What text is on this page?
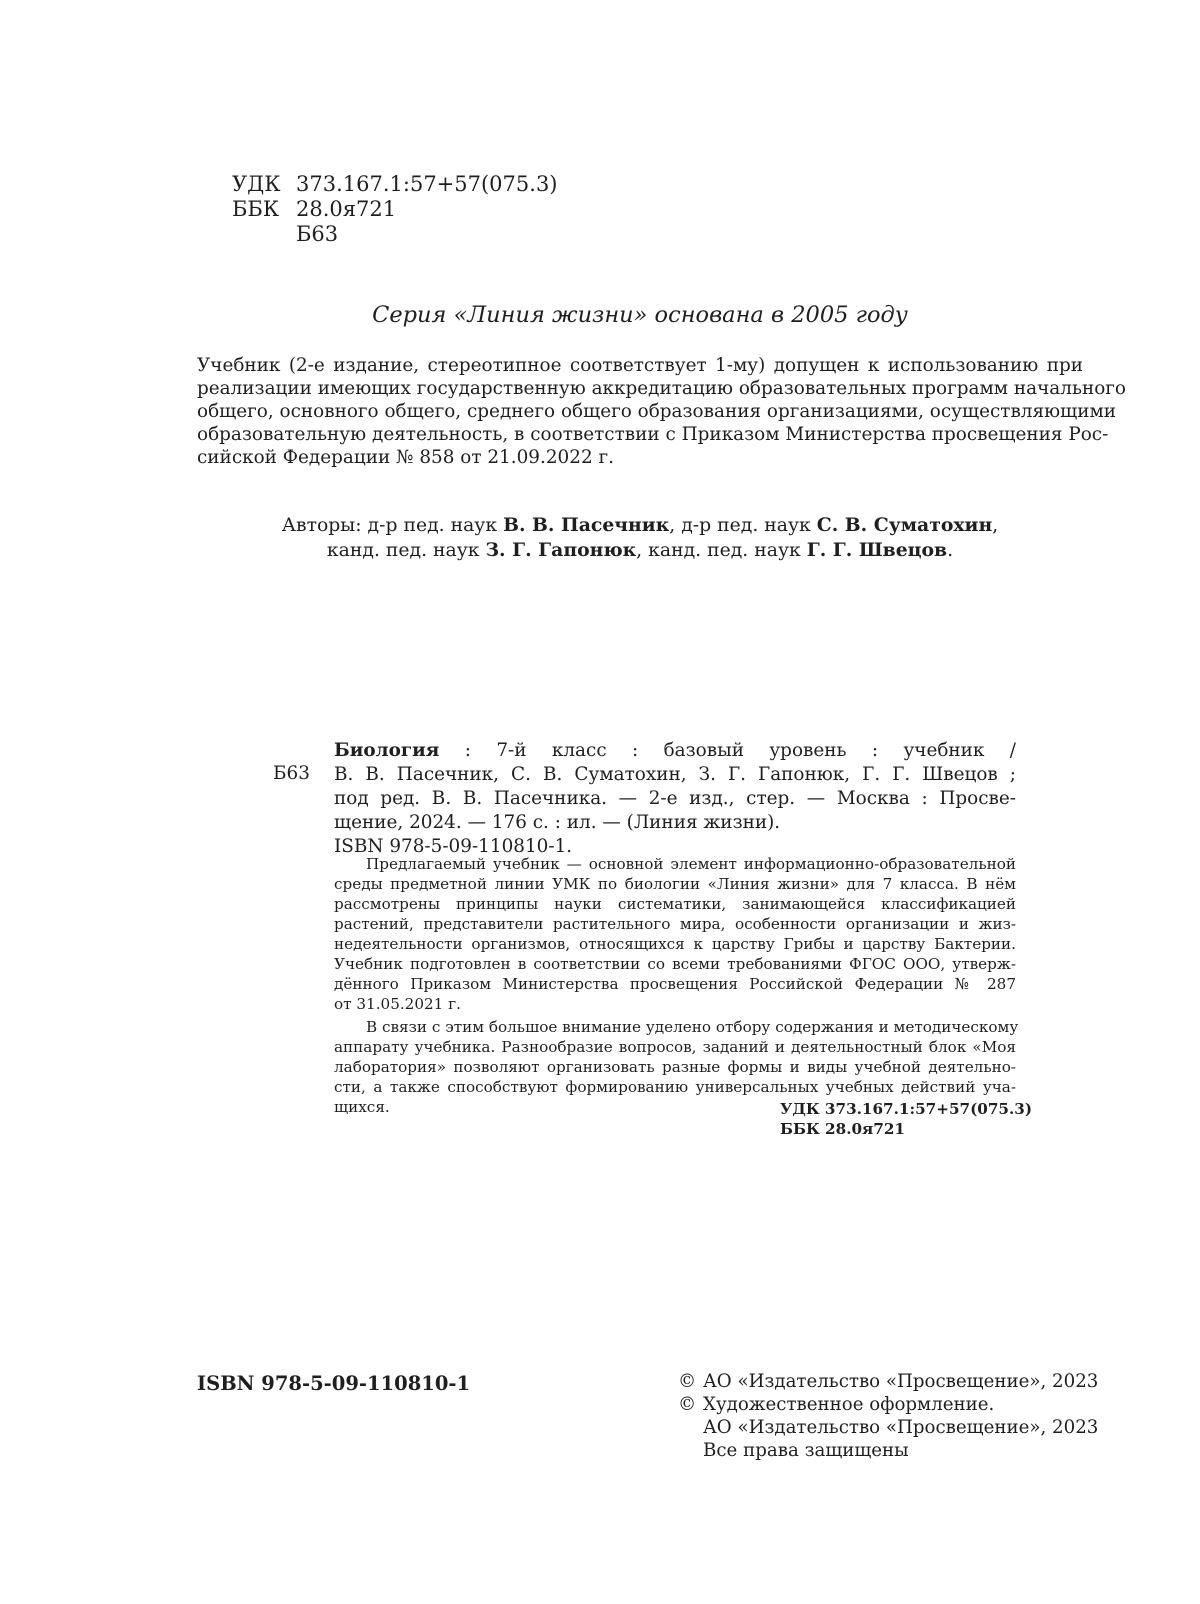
УДК 373.167.1:57+57(075.3)
ББК 28.0я721
Б63
Серия «Линия жизни» основана в 2005 году
Учебник (2-е издание, стереотипное соответствует 1-му) допущен к использованию при
реализации имеющих государственную аккредитацию образовательных программ начального
общего, основного общего, среднего общего образования организациями, осуществляющими
образовательную деятельность, в соответствии с Приказом Министерства просвещения Рос-
сийской Федерации № 858 от 21.09.2022 г.
Авторы: д-р пед. наук В. В. Пасечник, д-р пед. наук С. В. Суматохин,
канд. пед. наук З. Г. Гапонюк, канд. пед. наук Г. Г. Швецов.
Б63
Биология : 7-й класс : базовый уровень : учебник /
В. В. Пасечник, С. В. Суматохин, З. Г. Гапонюк, Г. Г. Швецов ;
под ред. В. В. Пасечника. — 2-е изд., стер. — Москва : Просве-
щение, 2024. — 176 с. : ил. — (Линия жизни).
ISBN 978-5-09-110810-1.
Предлагаемый учебник — основной элемент информационно-образовательной
среды предметной линии УМК по биологии «Линия жизни» для 7 класса. В нём
рассмотрены принципы науки систематики, занимающейся классификацией
растений, представители растительного мира, особенности организации и жиз-
недеятельности организмов, относящихся к царству Грибы и царству Бактерии.
Учебник подготовлен в соответствии со всеми требованиями ФГОС ООО, утверж-
дённого Приказом Министерства просвещения Российской Федерации № 287
от 31.05.2021 г.
В связи с этим большое внимание уделено отбору содержания и методическому
аппарату учебника. Разнообразие вопросов, заданий и деятельностный блок «Моя
лаборатория» позволяют организовать разные формы и виды учебной деятельно-
сти, а также способствуют формированию универсальных учебных действий уча-
щихся.	УДК 373.167.1:57+57(075.3)
ББК 28.0я721
ISBN 978-5-09-110810-1	© АО «Издательство «Просвещение», 2023
© Художественное оформление.
АО «Издательство «Просвещение», 2023
Все права защищены
